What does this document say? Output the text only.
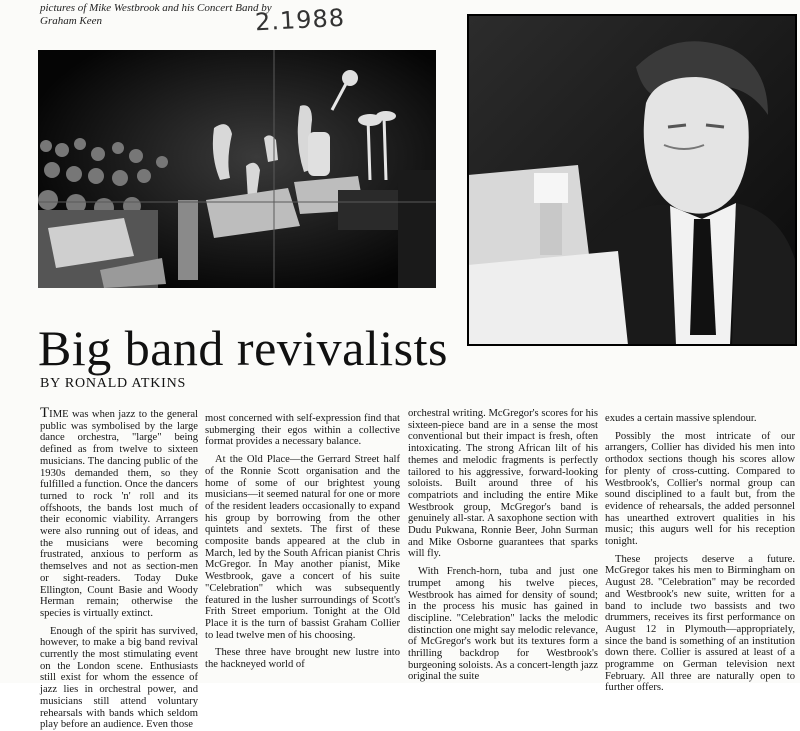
pictures of Mike Westbrook and his Concert Band by Graham Keen	2.1988
Big band revivalists
BY RONALD ATKINS

TIME was when jazz to the general public was symbolised by the large dance orchestra, "large" being defined as from twelve to sixteen musicians. The dancing public of the 1930s demanded them, so they fulfilled a function. Once the dancers turned to rock 'n' roll and its offshoots, the bands lost much of their economic viability. Arrangers were also running out of ideas, and the musicians were becoming frustrated, anxious to perform as themselves and not as section-men or sight-readers. Today Duke Ellington, Count Basie and Woody Herman remain; otherwise the species is virtually extinct.

Enough of the spirit has survived, however, to make a big band revival currently the most stimulating event on the London scene. Enthusiasts still exist for whom the essence of jazz lies in orchestral power, and musicians still attend voluntary rehearsals with bands which seldom play before an audience. Even those

most concerned with self-expression find that submerging their egos within a collective format provides a necessary balance.

At the Old Place—the Gerrard Street half of the Ronnie Scott organisation and the home of some of our brightest young musicians—it seemed natural for one or more of the resident leaders occasionally to expand his group by borrowing from the other quintets and sextets. The first of these composite bands appeared at the club in March, led by the South African pianist Chris McGregor. In May another pianist, Mike Westbrook, gave a concert of his suite "Celebration" which was subsequently featured in the lusher surroundings of Scott's Frith Street emporium. Tonight at the Old Place it is the turn of bassist Graham Collier to lead twelve men of his choosing.

These three have brought new lustre into the hackneyed world of

orchestral writing. McGregor's scores for his sixteen-piece band are in a sense the most conventional but their impact is fresh, often intoxicating. The strong African lilt of his themes and melodic fragments is perfectly tailored to his aggressive, forward-looking soloists. Built around three of his compatriots and including the entire Mike Westbrook group, McGregor's band is genuinely all-star. A saxophone section with Dudu Pukwana, Ronnie Beer, John Surman and Mike Osborne guarantees that sparks will fly.

With French-horn, tuba and just one trumpet among his twelve pieces, Westbrook has aimed for density of sound; in the process his music has gained in discipline. "Celebration" lacks the melodic distinction one might say melodic relevance, of McGregor's work but its textures form a thrilling backdrop for Westbrook's burgeoning soloists. As a concert-length jazz original the suite

exudes a certain massive splendour.

Possibly the most intricate of our arrangers, Collier has divided his men into orthodox sections though his scores allow for plenty of cross-cutting. Compared to Westbrook's, Collier's normal group can sound disciplined to a fault but, from the evidence of rehearsals, the added personnel has unearthed extrovert qualities in his music; this augurs well for his reception tonight.

These projects deserve a future. McGregor takes his men to Birmingham on August 28. "Celebration" may be recorded and Westbrook's new suite, written for a band to include two bassists and two drummers, receives its first performance on August 12 in Plymouth—appropriately, since the band is something of an institution down there. Collier is assured at least of a programme on German television next February. All three are naturally open to further offers.
